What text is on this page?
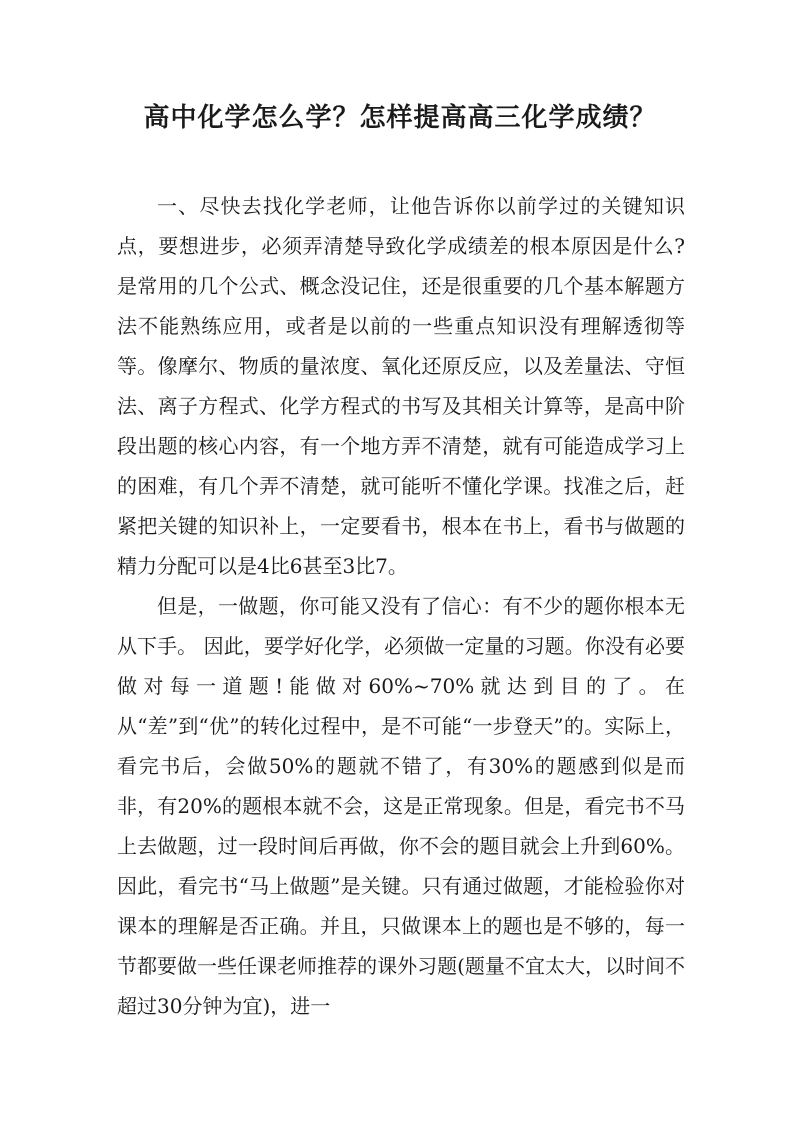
高中化学怎么学？怎样提高高三化学成绩？

一、尽快去找化学老师，让他告诉你以前学过的关键知识点，要想进步，必须弄清楚导致化学成绩差的根本原因是什么?是常用的几个公式、概念没记住，还是很重要的几个基本解题方法不能熟练应用，或者是以前的一些重点知识没有理解透彻等等。像摩尔、物质的量浓度、氧化还原反应，以及差量法、守恒法、离子方程式、化学方程式的书写及其相关计算等，是高中阶段出题的核心内容，有一个地方弄不清楚，就有可能造成学习上的困难，有几个弄不清楚，就可能听不懂化学课。找准之后，赶紧把关键的知识补上，一定要看书，根本在书上，看书与做题的精力分配可以是4比6甚至3比7。

但是，一做题，你可能又没有了信心：有不少的题你根本无从下手。 因此，要学好化学，必须做一定量的习题。你没有必要做对每一道题!能做对60%~70%就达到目的了。在从“差”到“优”的转化过程中，是不可能“一步登天”的。实际上，看完书后，会做50%的题就不错了，有30%的题感到似是而非，有20%的题根本就不会，这是正常现象。但是，看完书不马上去做题，过一段时间后再做，你不会的题目就会上升到60%。因此，看完书“马上做题”是关键。只有通过做题，才能检验你对课本的理解是否正确。并且，只做课本上的题也是不够的，每一节都要做一些任课老师推荐的课外习题(题量不宜太大，以时间不超过30分钟为宜)，进一
